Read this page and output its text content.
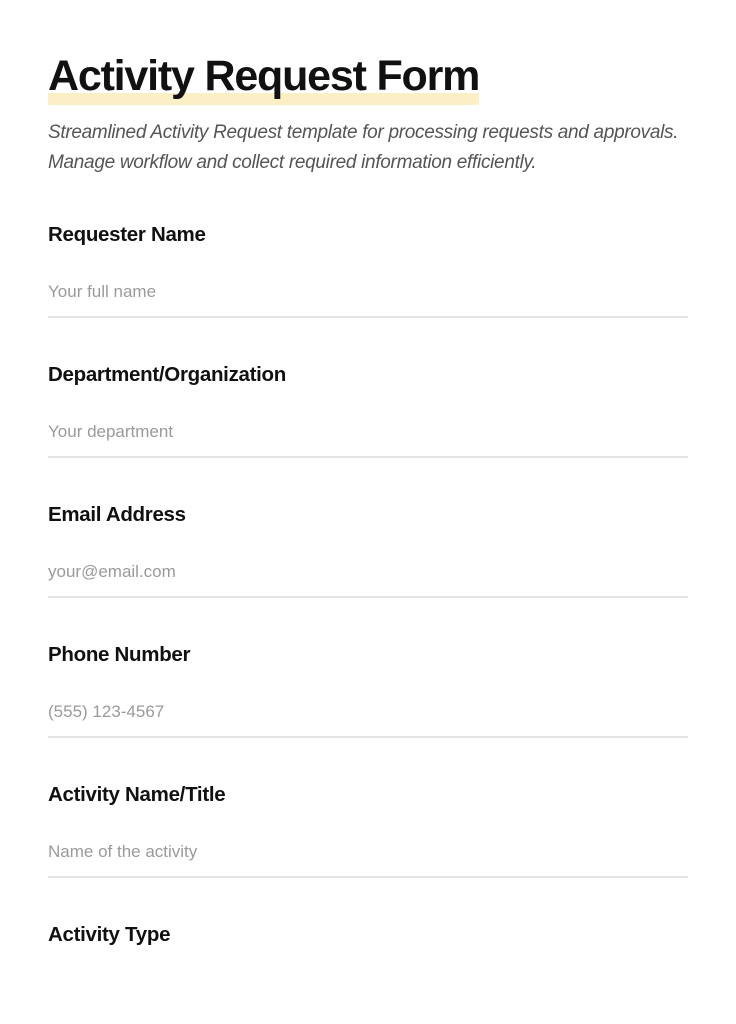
Activity Request Form

Streamlined Activity Request template for processing requests and approvals. Manage workflow and collect required information efficiently.

Requester Name
Your full name
Department/Organization
Your department
Email Address
your@email.com
Phone Number
(555) 123-4567
Activity Name/Title
Name of the activity
Activity Type
